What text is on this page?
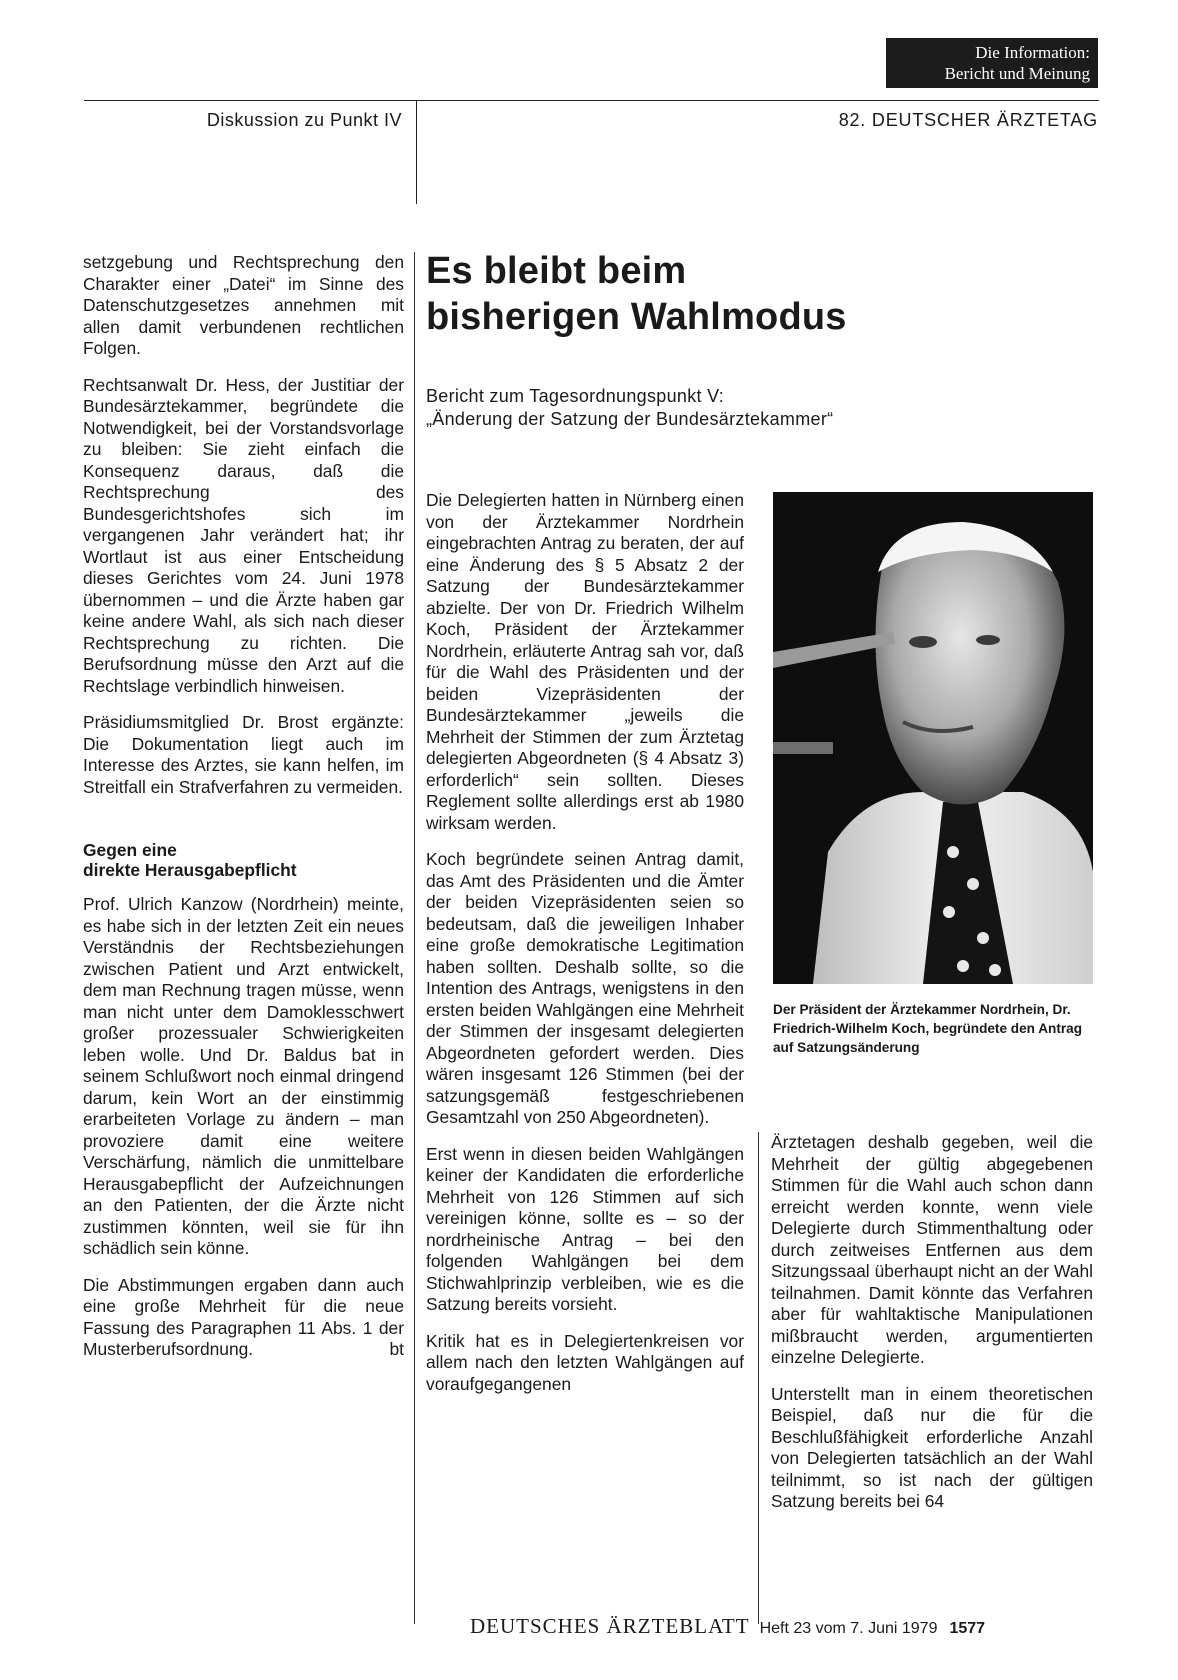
Die Information:
Bericht und Meinung
Diskussion zu Punkt IV	82. DEUTSCHER ÄRZTETAG

setzgebung und Rechtsprechung den Charakter einer „Datei“ im Sinne des Datenschutzgesetzes annehmen mit allen damit verbundenen rechtlichen Folgen.

Rechtsanwalt Dr. Hess, der Justitiar der Bundesärztekammer, begründete die Notwendigkeit, bei der Vorstandsvorlage zu bleiben: Sie zieht einfach die Konsequenz daraus, daß die Rechtsprechung des Bundesgerichtshofes sich im vergangenen Jahr verändert hat; ihr Wortlaut ist aus einer Entscheidung dieses Gerichtes vom 24. Juni 1978 übernommen – und die Ärzte haben gar keine andere Wahl, als sich nach dieser Rechtsprechung zu richten. Die Berufsordnung müsse den Arzt auf die Rechtslage verbindlich hinweisen.

Präsidiumsmitglied Dr. Brost ergänzte: Die Dokumentation liegt auch im Interesse des Arztes, sie kann helfen, im Streitfall ein Strafverfahren zu vermeiden.

Gegen eine
direkte Herausgabepflicht

Prof. Ulrich Kanzow (Nordrhein) meinte, es habe sich in der letzten Zeit ein neues Verständnis der Rechtsbeziehungen zwischen Patient und Arzt entwickelt, dem man Rechnung tragen müsse, wenn man nicht unter dem Damoklesschwert großer prozessualer Schwierigkeiten leben wolle. Und Dr. Baldus bat in seinem Schlußwort noch einmal dringend darum, kein Wort an der einstimmig erarbeiteten Vorlage zu ändern – man provoziere damit eine weitere Verschärfung, nämlich die unmittelbare Herausgabepflicht der Aufzeichnungen an den Patienten, der die Ärzte nicht zustimmen könnten, weil sie für ihn schädlich sein könne.

Die Abstimmungen ergaben dann auch eine große Mehrheit für die neue Fassung des Paragraphen 11 Abs. 1 der Musterberufsordnung.	bt

Es bleibt beim
bisherigen Wahlmodus
Bericht zum Tagesordnungspunkt V:
„Änderung der Satzung der Bundesärztekammer“

Die Delegierten hatten in Nürnberg einen von der Ärztekammer Nordrhein eingebrachten Antrag zu beraten, der auf eine Änderung des § 5 Absatz 2 der Satzung der Bundesärztekammer abzielte. Der von Dr. Friedrich Wilhelm Koch, Präsident der Ärztekammer Nordrhein, erläuterte Antrag sah vor, daß für die Wahl des Präsidenten und der beiden Vizepräsidenten der Bundesärztekammer „jeweils die Mehrheit der Stimmen der zum Ärztetag delegierten Abgeordneten (§ 4 Absatz 3) erforderlich“ sein sollten. Dieses Reglement sollte allerdings erst ab 1980 wirksam werden.

Koch begründete seinen Antrag damit, das Amt des Präsidenten und die Ämter der beiden Vizepräsidenten seien so bedeutsam, daß die jeweiligen Inhaber eine große demokratische Legitimation haben sollten. Deshalb sollte, so die Intention des Antrags, wenigstens in den ersten beiden Wahlgängen eine Mehrheit der Stimmen der insgesamt delegierten Abgeordneten gefordert werden. Dies wären insgesamt 126 Stimmen (bei der satzungsgemäß festgeschriebenen Gesamtzahl von 250 Abgeordneten).

Erst wenn in diesen beiden Wahlgängen keiner der Kandidaten die erforderliche Mehrheit von 126 Stimmen auf sich vereinigen könne, sollte es – so der nordrheinische Antrag – bei den folgenden Wahlgängen bei dem Stichwahlprinzip verbleiben, wie es die Satzung bereits vorsieht.

Kritik hat es in Delegiertenkreisen vor allem nach den letzten Wahlgängen auf voraufgegangenen

Der Präsident der Ärztekammer Nordrhein, Dr. Friedrich-Wilhelm Koch, begründete den Antrag auf Satzungsänderung

Ärztetagen deshalb gegeben, weil die Mehrheit der gültig abgegebenen Stimmen für die Wahl auch schon dann erreicht werden konnte, wenn viele Delegierte durch Stimmenthaltung oder durch zeitweises Entfernen aus dem Sitzungssaal überhaupt nicht an der Wahl teilnahmen. Damit könnte das Verfahren aber für wahltaktische Manipulationen mißbraucht werden, argumentierten einzelne Delegierte.

Unterstellt man in einem theoretischen Beispiel, daß nur die für die Beschlußfähigkeit erforderliche Anzahl von Delegierten tatsächlich an der Wahl teilnimmt, so ist nach der gültigen Satzung bereits bei 64

DEUTSCHES ÄRZTEBLATT Heft 23 vom 7. Juni 1979 1577
